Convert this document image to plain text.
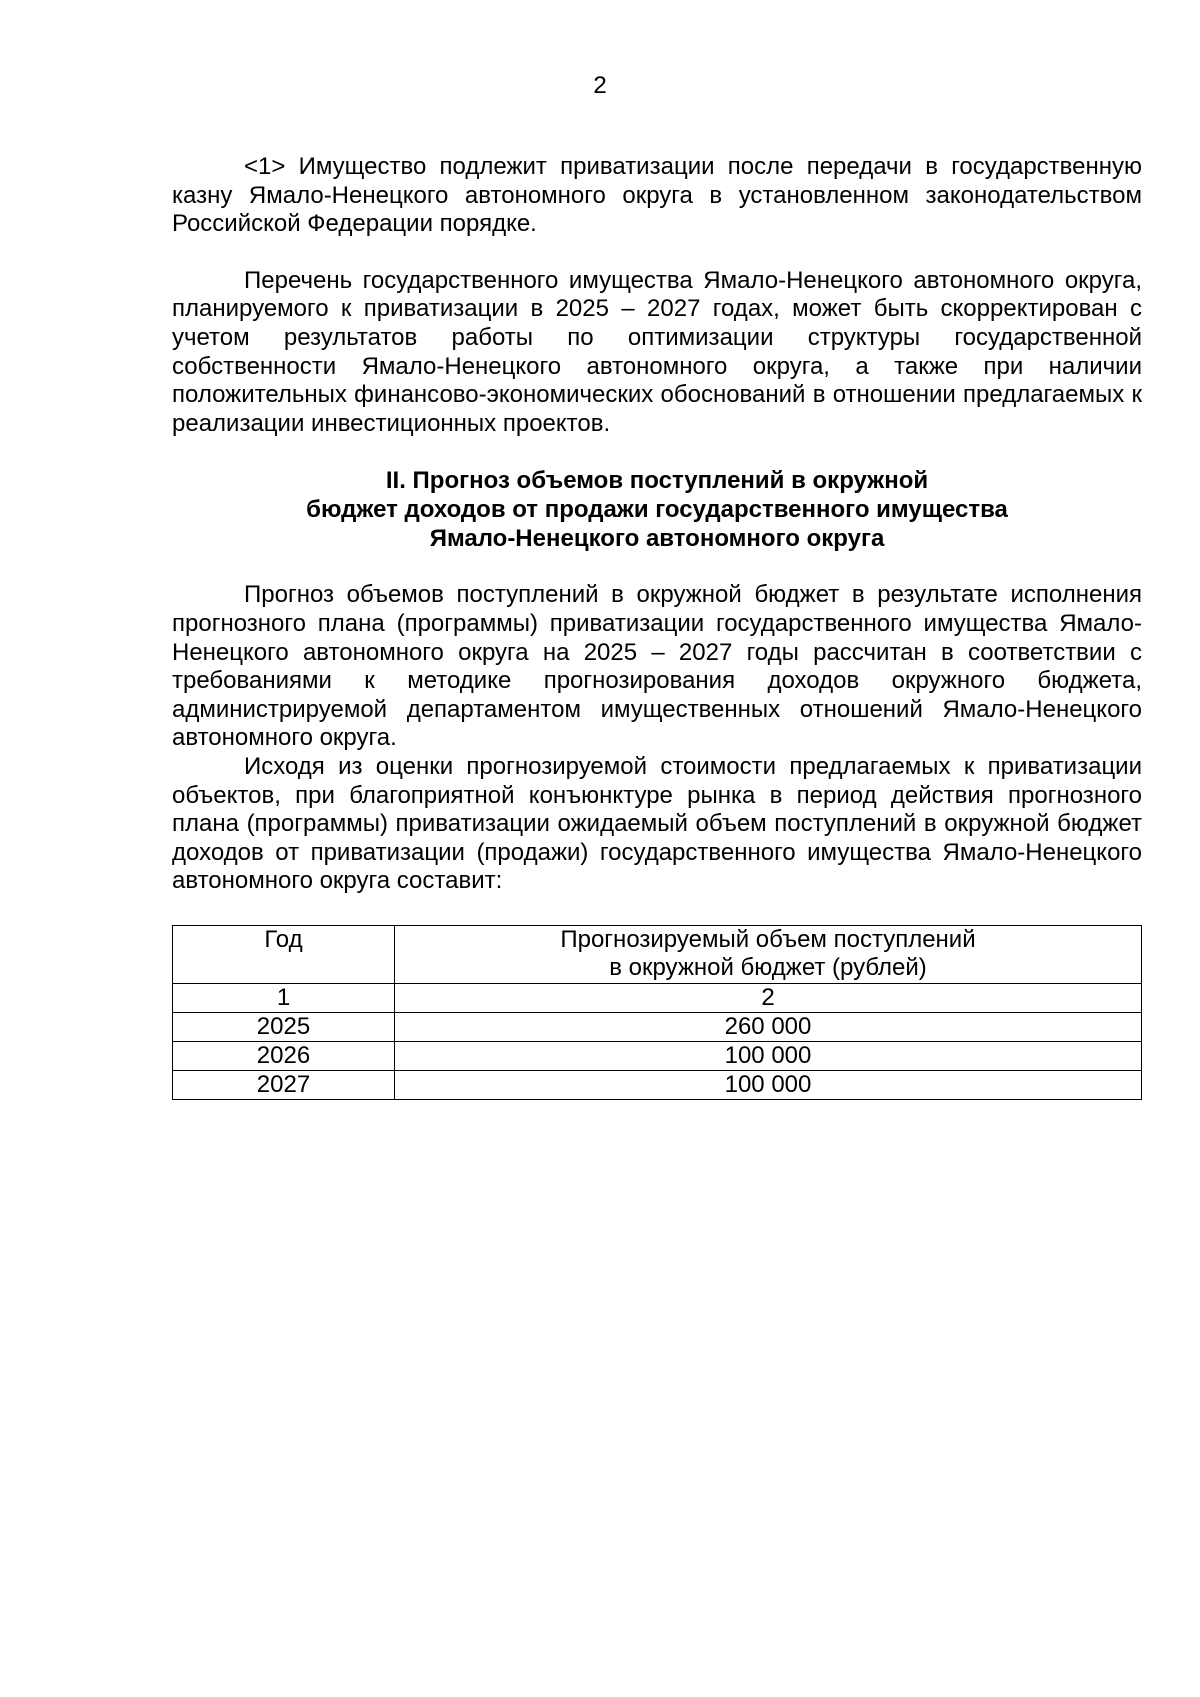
2

<1> Имущество подлежит приватизации после передачи в государственную казну Ямало-Ненецкого автономного округа в установленном законодательством Российской Федерации порядке.

Перечень государственного имущества Ямало-Ненецкого автономного округа, планируемого к приватизации в 2025 – 2027 годах, может быть скорректирован с учетом результатов работы по оптимизации структуры государственной собственности Ямало-Ненецкого автономного округа, а также при наличии положительных финансово-экономических обоснований в отношении предлагаемых к реализации инвестиционных проектов.

II. Прогноз объемов поступлений в окружной

бюджет доходов от продажи государственного имущества

Ямало-Ненецкого автономного округа

Прогноз объемов поступлений в окружной бюджет в результате исполнения прогнозного плана (программы) приватизации государственного имущества Ямало-Ненецкого автономного округа на 2025 – 2027 годы рассчитан в соответствии с требованиями к методике прогнозирования доходов окружного бюджета, администрируемой департаментом имущественных отношений Ямало-Ненецкого автономного округа.

Исходя из оценки прогнозируемой стоимости предлагаемых к приватизации объектов, при благоприятной конъюнктуре рынка в период действия прогнозного плана (программы) приватизации ожидаемый объем поступлений в окружной бюджет доходов от приватизации (продажи) государственного имущества Ямало-Ненецкого автономного округа составит:

Год	Прогнозируемый объем поступлений
в окружной бюджет (рублей)

1	2
2025	260 000
2026	100 000
2027	100 000
